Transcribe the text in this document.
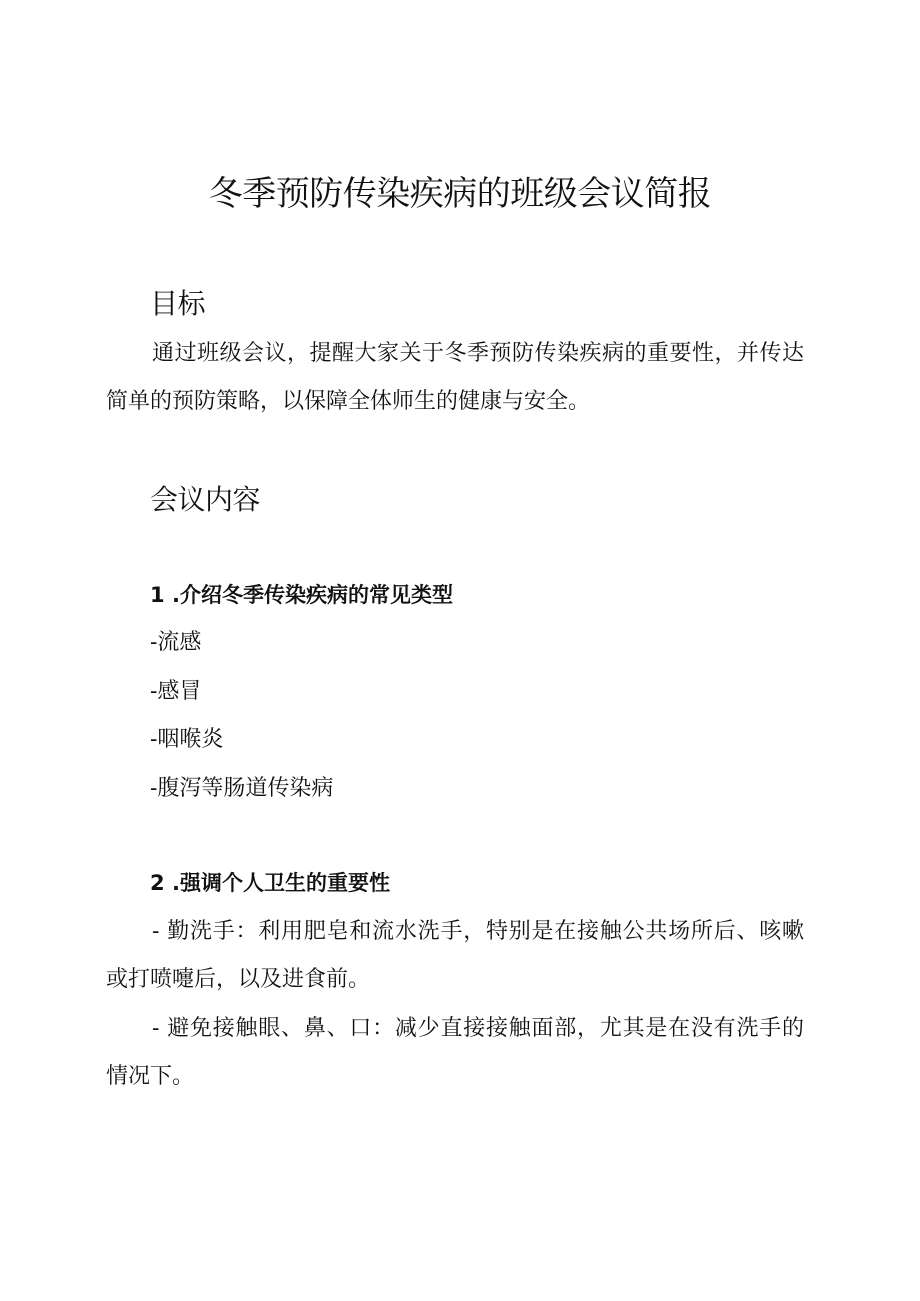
冬季预防传染疾病的班级会议简报
目标
通过班级会议，提醒大家关于冬季预防传染疾病的重要性，并传达简单的预防策略，以保障全体师生的健康与安全。
会议内容
1 .介绍冬季传染疾病的常见类型
-流感
-感冒
-咽喉炎
-腹泻等肠道传染病
2 .强调个人卫生的重要性
- 勤洗手：利用肥皂和流水洗手，特别是在接触公共场所后、咳嗽或打喷嚏后，以及进食前。
- 避免接触眼、鼻、口：减少直接接触面部，尤其是在没有洗手的情况下。
